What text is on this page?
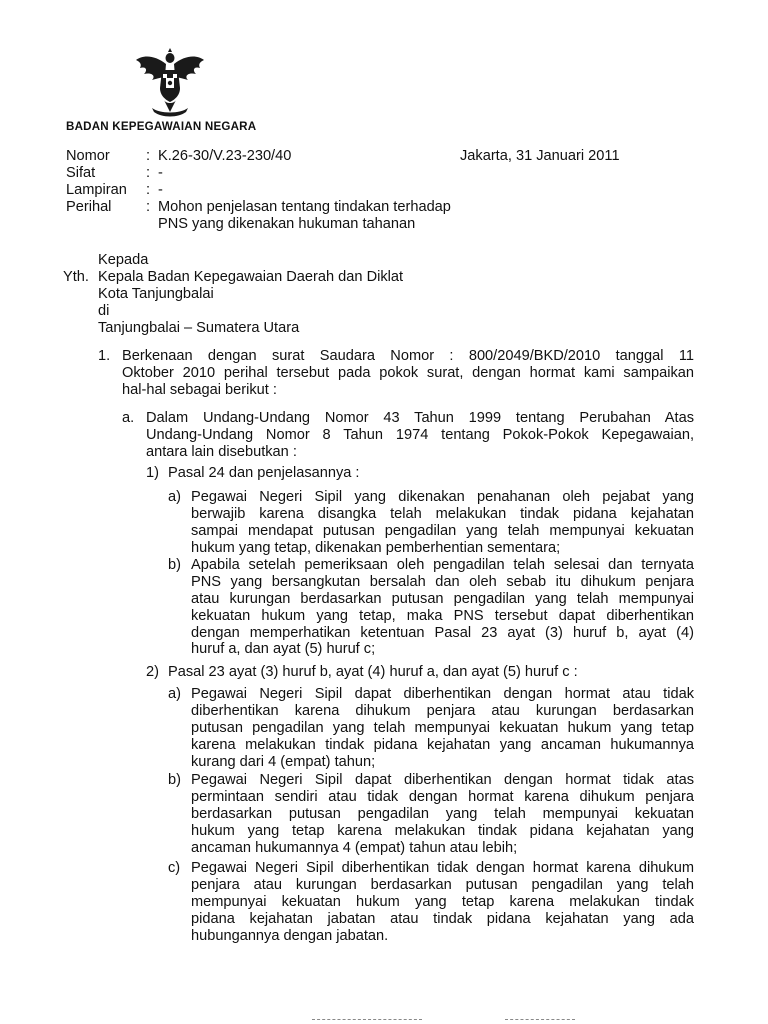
BADAN KEPEGAWAIAN NEGARA
Nomor : K.26-30/V.23-230/40
Sifat	: -
Lampiran : -
Perihal : Mohon penjelasan tentang tindakan terhadap
PNS yang dikenakan hukuman tahanan
Jakarta, 31 Januari 2011
Kepada
Yth. Kepala Badan Kepegawaian Daerah dan Diklat
Kota Tanjungbalai
di
Tanjungbalai – Sumatera Utara
1. Berkenaan dengan surat Saudara Nomor : 800/2049/BKD/2010 tanggal 11
Oktober 2010 perihal tersebut pada pokok surat, dengan hormat kami sampaikan
hal-hal sebagai berikut :
a. Dalam Undang-Undang Nomor 43 Tahun 1999 tentang Perubahan Atas
Undang-Undang Nomor 8 Tahun 1974 tentang Pokok-Pokok Kepegawaian,
antara lain disebutkan :
1) Pasal 24 dan penjelasannya :
a) Pegawai Negeri Sipil yang dikenakan penahanan oleh pejabat yang
berwajib karena disangka telah melakukan tindak pidana kejahatan
sampai mendapat putusan pengadilan yang telah mempunyai kekuatan
hukum yang tetap, dikenakan pemberhentian sementara;
b) Apabila setelah pemeriksaan oleh pengadilan telah selesai dan ternyata
PNS yang bersangkutan bersalah dan oleh sebab itu dihukum penjara
atau kurungan berdasarkan putusan pengadilan yang telah mempunyai
kekuatan hukum yang tetap, maka PNS tersebut dapat diberhentikan
dengan memperhatikan ketentuan Pasal 23 ayat (3) huruf b, ayat (4)
huruf a, dan ayat (5) huruf c;
2) Pasal 23 ayat (3) huruf b, ayat (4) huruf a, dan ayat (5) huruf c :
a) Pegawai Negeri Sipil dapat diberhentikan dengan hormat atau tidak
diberhentikan karena dihukum penjara atau kurungan berdasarkan
putusan pengadilan yang telah mempunyai kekuatan hukum yang tetap
karena melakukan tindak pidana kejahatan yang ancaman hukumannya
kurang dari 4 (empat) tahun;
b) Pegawai Negeri Sipil dapat diberhentikan dengan hormat tidak atas
permintaan sendiri atau tidak dengan hormat karena dihukum penjara
berdasarkan putusan pengadilan yang telah mempunyai kekuatan
hukum yang tetap karena melakukan tindak pidana kejahatan yang
ancaman hukumannya 4 (empat) tahun atau lebih;
c) Pegawai Negeri Sipil diberhentikan tidak dengan hormat karena dihukum
penjara atau kurungan berdasarkan putusan pengadilan yang telah
mempunyai kekuatan hukum yang tetap karena melakukan tindak
pidana kejahatan jabatan atau tindak pidana kejahatan yang ada
hubungannya dengan jabatan.
